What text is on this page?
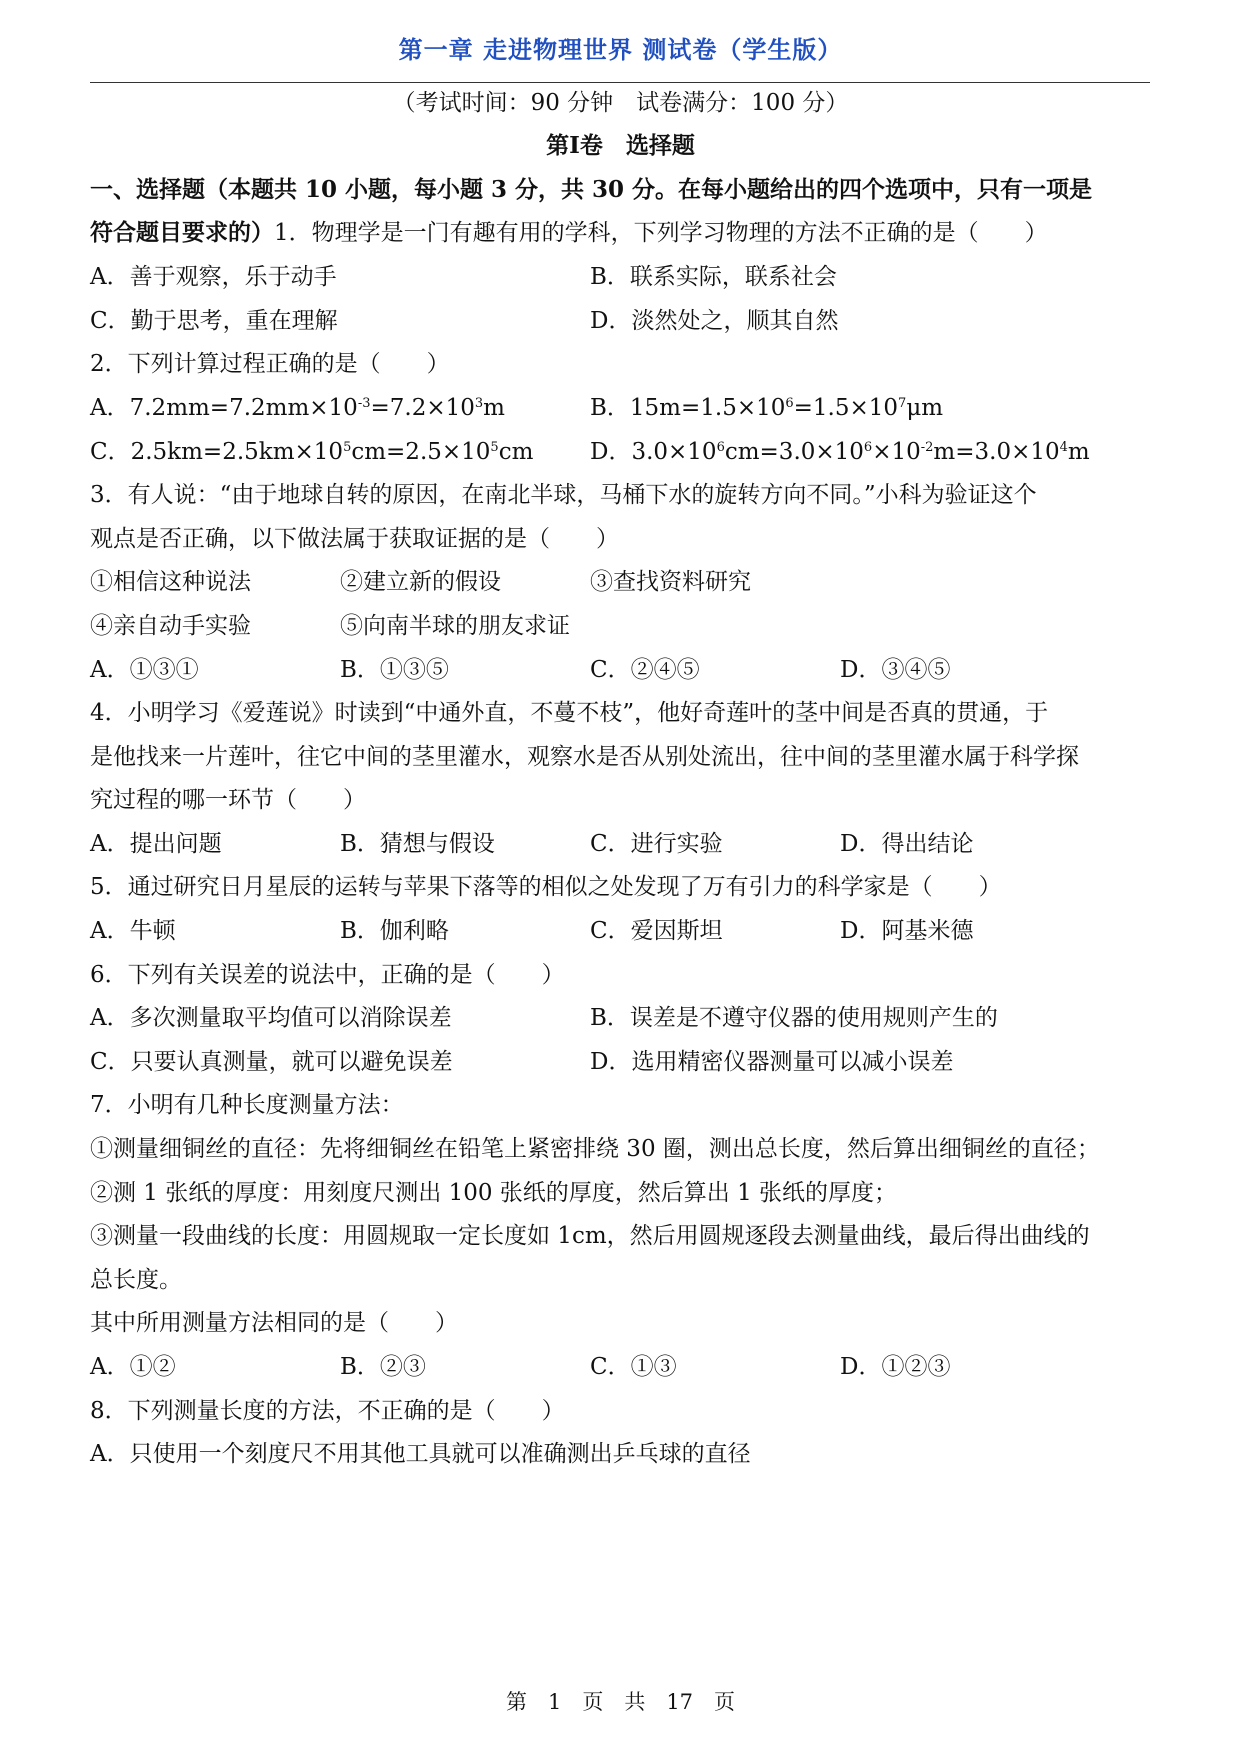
第一章 走进物理世界 测试卷（学生版）
（考试时间：90 分钟　试卷满分：100 分）
第Ⅰ卷　选择题
一、选择题（本题共 10 小题，每小题 3 分，共 30 分。在每小题给出的四个选项中，只有一项是
符合题目要求的）1．物理学是一门有趣有用的学科，下列学习物理的方法不正确的是（　　）
A．善于观察，乐于动手	B．联系实际，联系社会
C．勤于思考，重在理解	D．淡然处之，顺其自然
2．下列计算过程正确的是（　　）
A．$7.2mm=7.2mm\times 10^{-3}=7.2\times 10^3m$	B．$15m=1.5\times 10^6=1.5\times 10^7\mu m$
C．$2.5km=2.5km\times 10^5cm=2.5\times 10^5cm$ D．$3.0\times 10^6cm=3.0\times 10^6\times 10^{-2}m=3.0\times 10^4m$
3．有人说：“由于地球自转的原因，在南北半球，马桶下水的旋转方向不同。”小科为验证这个
观点是否正确，以下做法属于获取证据的是（　　）
①相信这种说法	②建立新的假设	③查找资料研究
④亲自动手实验	⑤向南半球的朋友求证
A．①③①	B．①③⑤	C．②④⑤	D．③④⑤
4．小明学习《爱莲说》时读到“中通外直，不蔓不枝”，他好奇莲叶的茎中间是否真的贯通，于
是他找来一片莲叶，往它中间的茎里灌水，观察水是否从别处流出，往中间的茎里灌水属于科学探
究过程的哪一环节（　　）
A．提出问题	B．猜想与假设	C．进行实验	D．得出结论
5．通过研究日月星辰的运转与苹果下落等的相似之处发现了万有引力的科学家是（　　）
A．牛顿	B．伽利略	C．爱因斯坦	D．阿基米德
6．下列有关误差的说法中，正确的是（　　）
A．多次测量取平均值可以消除误差	B．误差是不遵守仪器的使用规则产生的
C．只要认真测量，就可以避免误差	D．选用精密仪器测量可以减小误差
7．小明有几种长度测量方法：
①测量细铜丝的直径：先将细铜丝在铅笔上紧密排绕 30 圈，测出总长度，然后算出细铜丝的直径；
②测 1 张纸的厚度：用刻度尺测出 100 张纸的厚度，然后算出 1 张纸的厚度；
③测量一段曲线的长度：用圆规取一定长度如 1cm，然后用圆规逐段去测量曲线，最后得出曲线的
总长度。
其中所用测量方法相同的是（　　）
A．①②	B．②③	C．①③	D．①②③
8．下列测量长度的方法，不正确的是（　　）
A．只使用一个刻度尺不用其他工具就可以准确测出乒乓球的直径
第　1　页　共　17　页
